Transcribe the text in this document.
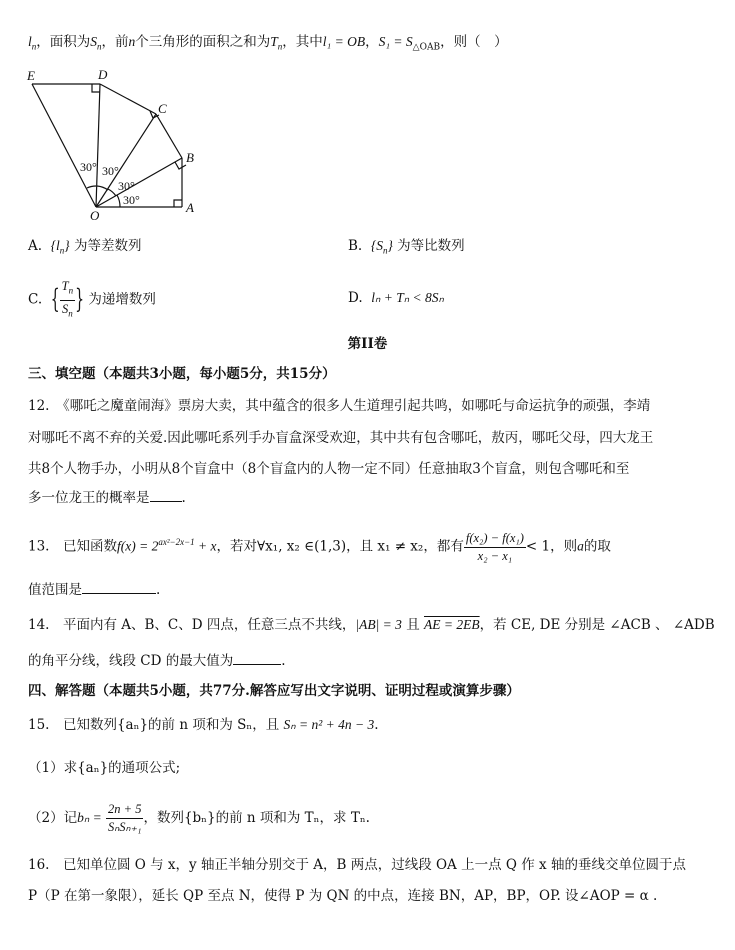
$l_n$，面积为$S_n$，前n个三角形的面积之和为$T_n$，其中l₁ = OB，$S_1 = S_{\triangle OAB}$，则（　）
E	D
C
B
A
O
30°
30°
30°
30°
A. $\{l_n\}$ 为等差数列	B. $\{S_n\}$ 为等比数列
C. { $\frac{T_n}{S_n}$ } 为递增数列	D. lₙ + Tₙ < 8Sₙ
第II卷
三、填空题（本题共3小题，每小题5分，共15分）
12.　《哪吒之魔童闹海》票房大卖，其中蕴含的很多人生道理引起共鸣，如哪吒与命运抗争的顽强，李靖
对哪吒不离不弃的关爱.因此哪吒系列手办盲盒深受欢迎，其中共有包含哪吒，敖丙，哪吒父母，四大龙王
共8个人物手办，小明从8个盲盒中（8个盲盒内的人物一定不同）任意抽取3个盲盒，则包含哪吒和至
多一位龙王的概率是 .
13.　已知函数$f(x) = 2^{ax^2-2x-1} + x$，若对∀x₁, x₂ ∈(1,3)，且 x₁ ≠ x₂，都有 $\frac{\text{f(x₂) − f(x₁)}}{\text{x₂ − x₁}} < 1$，则a的取
值范围是	.
14.　平面内有 A、B、C、D 四点，任意三点不共线，|AB| = 3 且 AE = 2EB，若 CE, DE 分别是 ∠ACB 、 ∠ADB
的角平分线，线段 CD 的最大值为	.
四、解答题（本题共5小题，共77分.解答应写出文字说明、证明过程或演算步骤）
15.　已知数列{aₙ}的前 n 项和为 Sₙ，且 Sₙ = n² + 4n − 3.
（1）求{aₙ}的通项公式;
（2）记$b_n = \frac{2n + 5}{\text{SₙSₙ₊₁}}$ ，数列{bₙ}的前 n 项和为 Tₙ，求 Tₙ.
16.　已知单位圆 O 与 x，y 轴正半轴分别交于 A，B 两点，过线段 OA 上一点 Q 作 x 轴的垂线交单位圆于点
P（P 在第一象限），延长 QP 至点 N，使得 P 为 QN 的中点，连接 BN，AP，BP，OP. 设∠AOP = α .
